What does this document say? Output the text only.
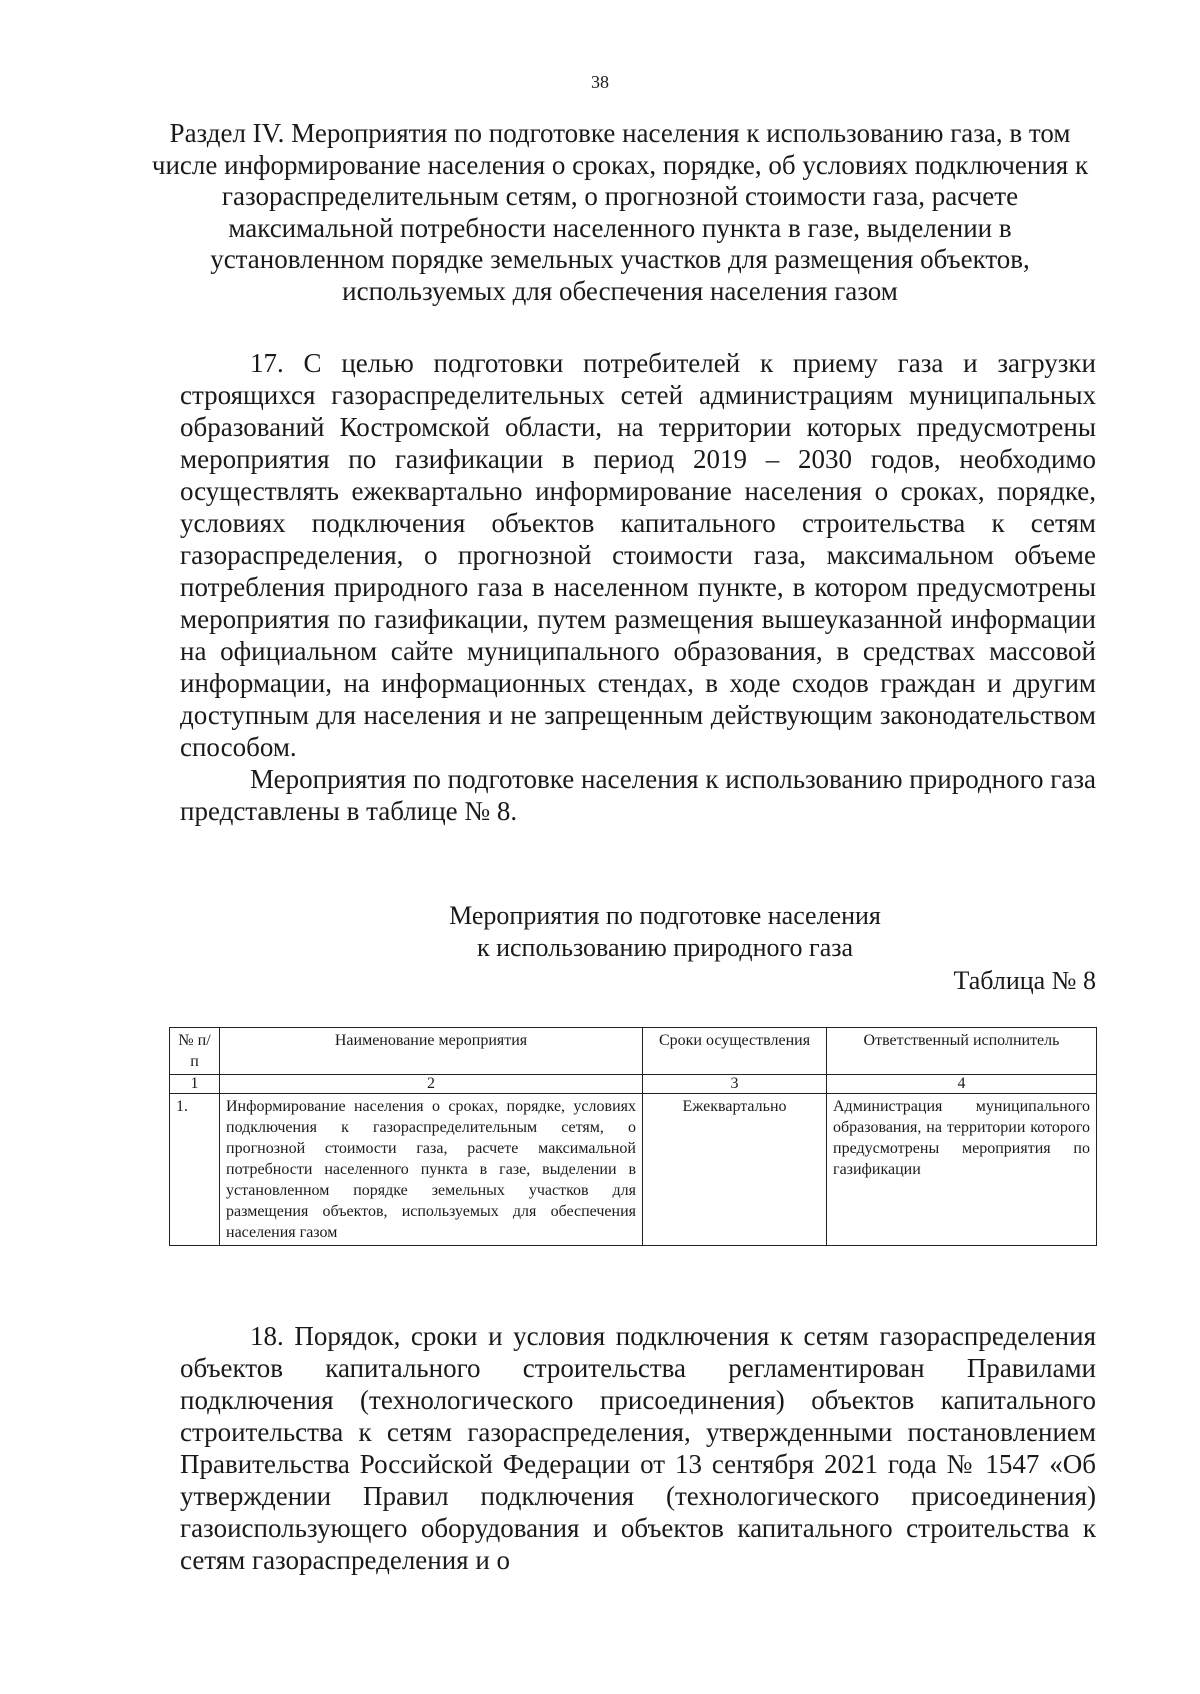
38
Раздел IV. Мероприятия по подготовке населения к использованию газа, в том числе информирование населения о сроках, порядке, об условиях подключения к газораспределительным сетям, о прогнозной стоимости газа, расчете максимальной потребности населенного пункта в газе, выделении в установленном порядке земельных участков для размещения объектов, используемых для обеспечения населения газом

17. С целью подготовки потребителей к приему газа и загрузки строящихся газораспределительных сетей администрациям муниципальных образований Костромской области, на территории которых предусмотрены мероприятия по газификации в период 2019 – 2030 годов, необходимо осуществлять ежеквартально информирование населения о сроках, порядке, условиях подключения объектов капитального строительства к сетям газораспределения, о прогнозной стоимости газа, максимальном объеме потребления природного газа в населенном пункте, в котором предусмотрены мероприятия по газификации, путем размещения вышеуказанной информации на официальном сайте муниципального образования, в средствах массовой информации, на информационных стендах, в ходе сходов граждан и другим доступным для населения и не запрещенным действующим законодательством способом.

Мероприятия по подготовке населения к использованию природного газа представлены в таблице № 8.

Мероприятия по подготовке населения
к использованию природного газа
Таблица № 8
№ п/п	Наименование мероприятия	Сроки осуществления	Ответственный исполнитель
1	2	3	4
1.	Информирование населения о сроках, порядке, условиях подключения к газораспределительным сетям, о прогнозной стоимости газа, расчете максимальной потребности населенного пункта в газе, выделении в установленном порядке земельных участков для размещения объектов, используемых для обеспечения населения газом	Ежеквартально	Администрация муниципального образования, на территории которого предусмотрены мероприятия по газификации

18. Порядок, сроки и условия подключения к сетям газораспределения объектов капитального строительства регламентирован Правилами подключения (технологического присоединения) объектов капитального строительства к сетям газораспределения, утвержденными постановлением Правительства Российской Федерации от 13 сентября 2021 года № 1547 «Об утверждении Правил подключения (технологического присоединения) газоиспользующего оборудования и объектов капитального строительства к сетям газораспределения и о
